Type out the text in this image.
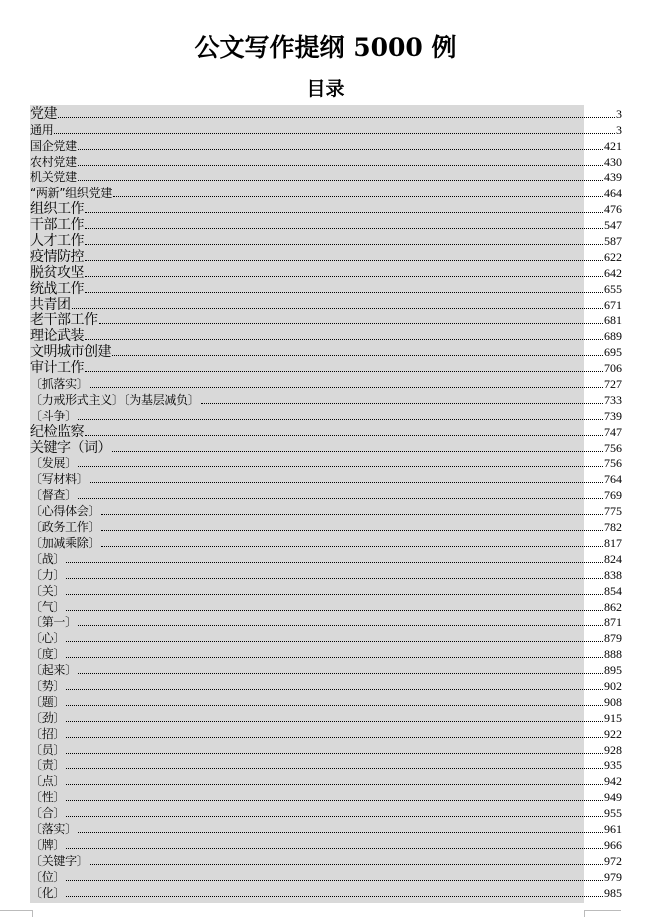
公文写作提纲 5000 例
目录
党建	3
通用	3
国企党建	421
农村党建	430
机关党建	439
“两新”组织党建	464
组织工作	476
干部工作	547
人才工作	587
疫情防控	622
脱贫攻坚	642
统战工作	655
共青团	671
老干部工作	681
理论武装	689
文明城市创建	695
审计工作	706
〔抓落实〕	727
〔力戒形式主义〕〔为基层减负〕	733
〔斗争〕	739
纪检监察	747
关键字（词）	756
〔发展〕	756
〔写材料〕	764
〔督查〕	769
〔心得体会〕	775
〔政务工作〕	782
〔加减乘除〕	817
〔战〕	824
〔力〕	838
〔关〕	854
〔气〕	862
〔第一〕	871
〔心〕	879
〔度〕	888
〔起来〕	895
〔势〕	902
〔题〕	908
〔劲〕	915
〔招〕	922
〔员〕	928
〔责〕	935
〔点〕	942
〔性〕	949
〔合〕	955
〔落实〕	961
〔牌〕	966
〔关键字〕	972
〔位〕	979
〔化〕	985
